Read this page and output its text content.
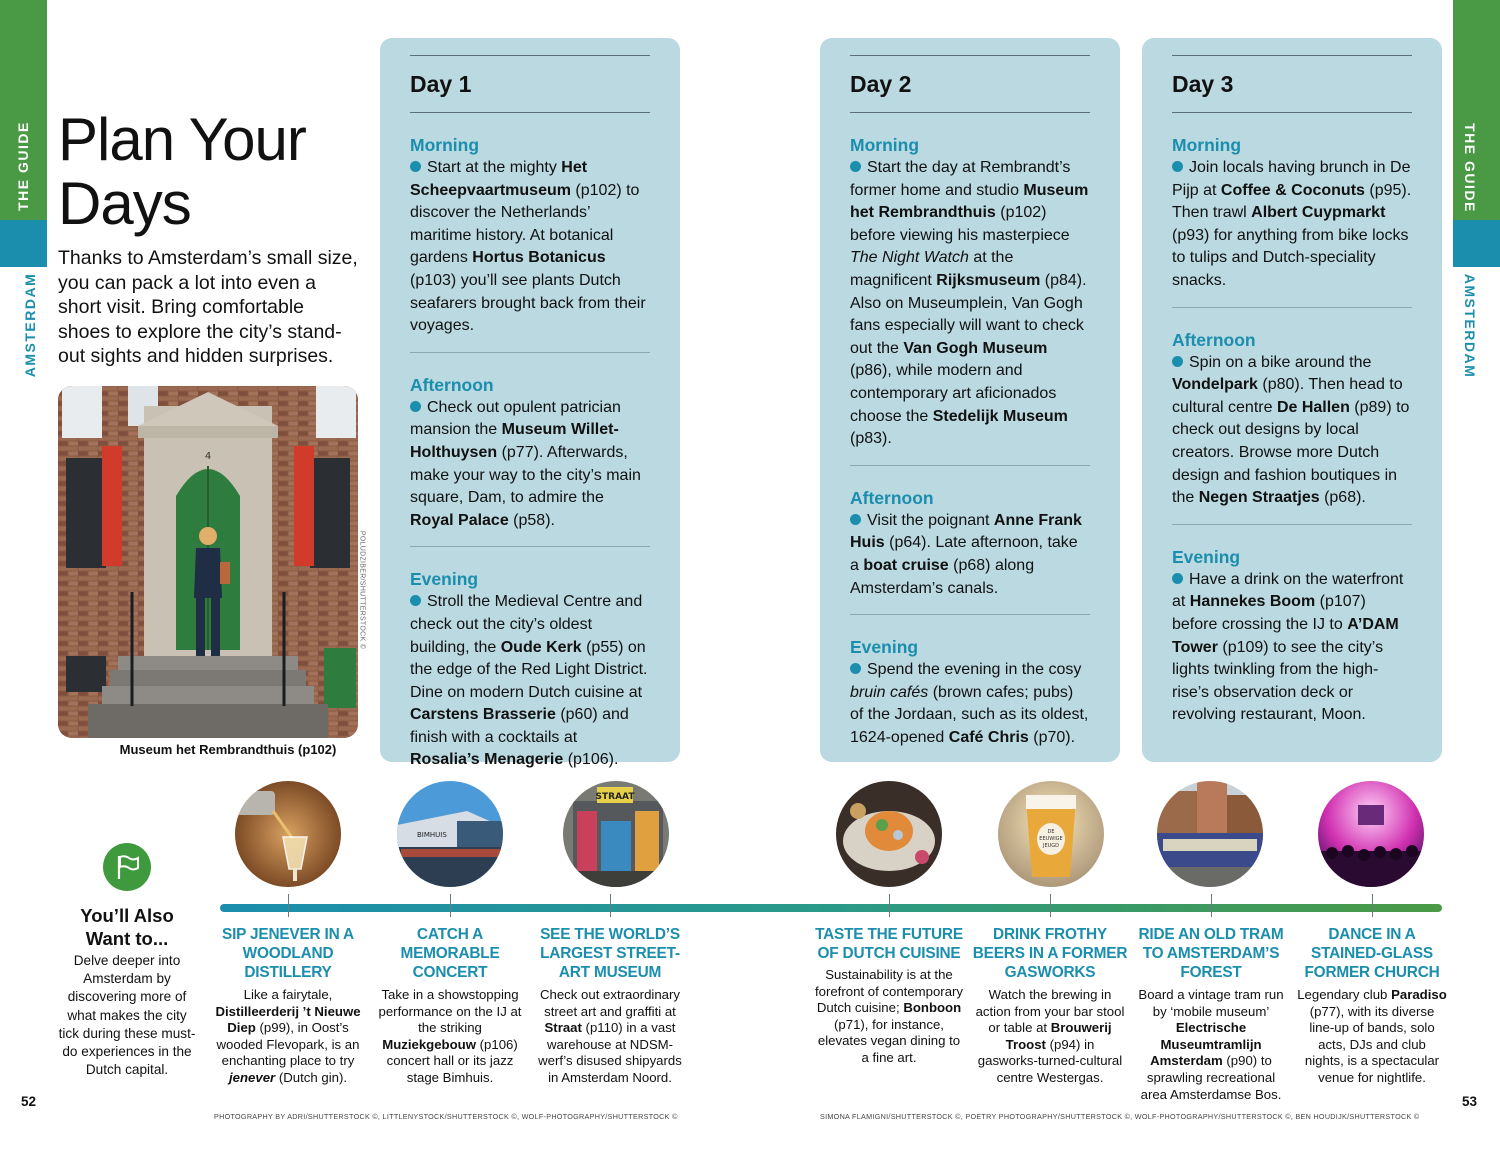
THE GUIDE
AMSTERDAM
THE GUIDE
AMSTERDAM
Plan Your Days

Thanks to Amsterdam’s small size, you can pack a lot into even a short visit. Bring comfortable shoes to explore the city’s stand-out sights and hidden surprises.

4
POLUDZIBER/SHUTTERSTOCK ©
Museum het Rembrandthuis (p102)
Day 1
Morning
Start at the mighty Het Scheepvaartmuseum (p102) to discover the Netherlands’ maritime history. At botanical gardens Hortus Botanicus (p103) you’ll see plants Dutch seafarers brought back from their voyages.
Afternoon
Check out opulent patrician mansion the Museum Willet-Holthuysen (p77). Afterwards, make your way to the city’s main square, Dam, to admire the Royal Palace (p58).
Evening
Stroll the Medieval Centre and check out the city’s oldest building, the Oude Kerk (p55) on the edge of the Red Light District. Dine on modern Dutch cuisine at Carstens Brasserie (p60) and finish with a cocktails at Rosalia’s Menagerie (p106).
Day 2
Morning
Start the day at Rembrandt’s former home and studio Museum het Rembrandthuis (p102) before viewing his masterpiece The Night Watch at the magnificent Rijksmuseum (p84). Also on Museumplein, Van Gogh fans especially will want to check out the Van Gogh Museum (p86), while modern and contemporary art aficionados choose the Stedelijk Museum (p83).
Afternoon
Visit the poignant Anne Frank Huis (p64). Late afternoon, take a boat cruise (p68) along Amsterdam’s canals.
Evening
Spend the evening in the cosy bruin cafés (brown cafes; pubs) of the Jordaan, such as its oldest, 1624-opened Café Chris (p70).
Day 3
Morning
Join locals having brunch in De Pijp at Coffee & Coconuts (p95). Then trawl Albert Cuypmarkt (p93) for anything from bike locks to tulips and Dutch-speciality snacks.
Afternoon
Spin on a bike around the Vondelpark (p80). Then head to cultural centre De Hallen (p89) to check out designs by local creators. Browse more Dutch design and fashion boutiques in the Negen Straatjes (p68).
Evening
Have a drink on the waterfront at Hannekes Boom (p107) before crossing the IJ to A’DAM Tower (p109) to see the city’s lights twinkling from the high-rise’s observation deck or revolving restaurant, Moon.
You’ll Also Want to...
Delve deeper into Amsterdam by discovering more of what makes the city tick during these must-do experiences in the Dutch capital.
BIMHUIS
STRAAT
DE
EEUWIGE
JEUGD
SIP JENEVER IN A WOODLAND DISTILLERY
Like a fairytale, Distilleerderij ’t Nieuwe Diep (p99), in Oost’s wooded Flevopark, is an enchanting place to try jenever (Dutch gin).
CATCH A MEMORABLE CONCERT
Take in a showstopping performance on the IJ at the striking Muziekgebouw (p106) concert hall or its jazz stage Bimhuis.
SEE THE WORLD’S LARGEST STREET-ART MUSEUM
Check out extraordinary street art and graffiti at Straat (p110) in a vast warehouse at NDSM-werf’s disused shipyards in Amsterdam Noord.
TASTE THE FUTURE OF DUTCH CUISINE
Sustainability is at the forefront of contemporary Dutch cuisine; Bonboon (p71), for instance, elevates vegan dining to a fine art.
DRINK FROTHY BEERS IN A FORMER GASWORKS
Watch the brewing in action from your bar stool or table at Brouwerij Troost (p94) in gasworks-turned-cultural centre Westergas.
RIDE AN OLD TRAM TO AMSTERDAM’S FOREST
Board a vintage tram run by ‘mobile museum’ Electrische Museumtramlijn Amsterdam (p90) to sprawling recreational area Amsterdamse Bos.
DANCE IN A STAINED-GLASS FORMER CHURCH
Legendary club Paradiso (p77), with its diverse line-up of bands, solo acts, DJs and club nights, is a spectacular venue for nightlife.
52	53
PHOTOGRAPHY BY ADRI/SHUTTERSTOCK ©, LITTLENYSTOCK/SHUTTERSTOCK ©, WOLF-PHOTOGRAPHY/SHUTTERSTOCK ©	SIMONA FLAMIGNI/SHUTTERSTOCK ©, POETRY PHOTOGRAPHY/SHUTTERSTOCK ©, WOLF-PHOTOGRAPHY/SHUTTERSTOCK ©, BEN HOUDIJK/SHUTTERSTOCK ©
